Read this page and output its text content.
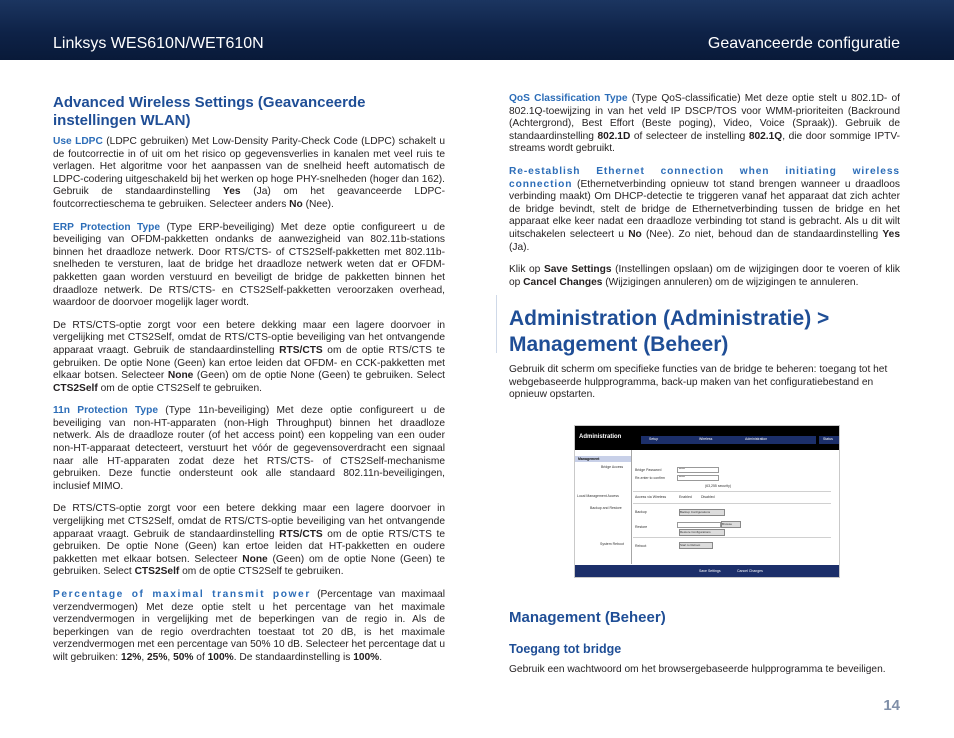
Linksys WES610N/WET610N	Geavanceerde configuratie
Advanced Wireless Settings (Geavanceerde instellingen WLAN)

Use LDPC (LDPC gebruiken) Met Low-Density Parity-Check Code (LDPC) schakelt u de foutcorrectie in of uit om het risico op gegevensverlies in kanalen met veel ruis te verlagen. Het algoritme voor het aanpassen van de snelheid heeft automatisch de LDPC-codering uitgeschakeld bij het werken op hoge PHY-snelheden (hoger dan 162). Gebruik de standaardinstelling Yes (Ja) om het geavanceerde LDPC-foutcorrectieschema te gebruiken. Selecteer anders No (Nee).

ERP Protection Type (Type ERP-beveiliging) Met deze optie configureert u de beveiliging van OFDM-pakketten ondanks de aanwezigheid van 802.11b-stations binnen het draadloze netwerk. Door RTS/CTS- of CTS2Self-pakketten met 802.11b-snelheden te versturen, laat de bridge het draadloze netwerk weten dat er OFDM-pakketten gaan worden verstuurd en beveiligt de bridge de pakketten binnen het draadloze netwerk. De RTS/CTS- en CTS2Self-pakketten veroorzaken overhead, waardoor de doorvoer mogelijk lager wordt.

De RTS/CTS-optie zorgt voor een betere dekking maar een lagere doorvoer in vergelijking met CTS2Self, omdat de RTS/CTS-optie beveiliging van het ontvangende apparaat vraagt. Gebruik de standaardinstelling RTS/CTS om de optie RTS/CTS te gebruiken. De optie None (Geen) kan ertoe leiden dat OFDM- en CCK-pakketten met elkaar botsen. Selecteer None (Geen) om de optie None (Geen) te gebruiken. Select CTS2Self om de optie CTS2Self te gebruiken.

11n Protection Type (Type 11n-beveiliging) Met deze optie configureert u de beveiliging van non-HT-apparaten (non-High Throughput) binnen het draadloze netwerk. Als de draadloze router (of het access point) een koppeling van een ouder non-HT-apparaat detecteert, verstuurt het vóór de gegevensoverdracht een signaal naar alle HT-apparaten zodat deze het RTS/CTS- of CTS2Self-mechanisme gebruiken. Deze functie ondersteunt ook alle standaard 802.11n-beveiligingen, inclusief MIMO.

De RTS/CTS-optie zorgt voor een betere dekking maar een lagere doorvoer in vergelijking met CTS2Self, omdat de RTS/CTS-optie beveiliging van het ontvangende apparaat vraagt. Gebruik de standaardinstelling RTS/CTS om de optie RTS/CTS te gebruiken. De optie None (Geen) kan ertoe leiden dat HT-pakketten en oudere pakketten met elkaar botsen. Selecteer None (Geen) om de optie None (Geen) te gebruiken. Select CTS2Self om de optie CTS2Self te gebruiken.

Percentage of maximal transmit power (Percentage van maximaal verzendvermogen) Met deze optie stelt u het percentage van het maximale verzendvermogen in vergelijking met de beperkingen van de regio in. Als de beperkingen van de regio overdrachten toestaat tot 20 dB, is het maximale verzendvermogen met een percentage van 50% 10 dB. Selecteer het percentage dat u wilt gebruiken: 12%, 25%, 50% of 100%. De standaardinstelling is 100%.

QoS Classification Type (Type QoS-classificatie) Met deze optie stelt u 802.1D- of 802.1Q-toewijzing in van het veld IP DSCP/TOS voor WMM-prioriteiten (Backround (Achtergrond), Best Effort (Beste poging), Video, Voice (Spraak)). Gebruik de standaardinstelling 802.1D of selecteer de instelling 802.1Q, die door sommige IPTV-streams wordt gebruikt.

Re-establish Ethernet connection when initiating wireless connection (Ethernetverbinding opnieuw tot stand brengen wanneer u draadloos verbinding maakt) Om DHCP-detectie te triggeren vanaf het apparaat dat zich achter de bridge bevindt, stelt de bridge de Ethernetverbinding tussen de bridge en het apparaat elke keer nadat een draadloze verbinding tot stand is gebracht. Als u dit wilt uitschakelen selecteert u No (Nee). Zo niet, behoud dan de standaardinstelling Yes (Ja).

Klik op Save Settings (Instellingen opslaan) om de wijzigingen door te voeren of klik op Cancel Changes (Wijzigingen annuleren) om de wijzigingen te annuleren.

Administration (Administratie) > Management (Beheer)

Gebruik dit scherm om specifieke functies van de bridge te beheren: toegang tot het webgebaseerde hulpprogramma, back-up maken van het configuratiebestand en opnieuw opstarten.

Administration	Setup	Wireless	Administration	Status
Management
Bridge Access
Local Management Access
Backup and Restore
System Reboot
Bridge Password	*****
Re-enter to confirm	*****
(63,255 security)
Access via Wireless	Enabled	Disabled
Backup	Backup Configurations
Browse
Restore
Restore Configurations
Reboot	Start to Reboot
Save Settings	Cancel Changes
Management (Beheer)
Toegang tot bridge

Gebruik een wachtwoord om het browsergebaseerde hulpprogramma te beveiligen.

14
